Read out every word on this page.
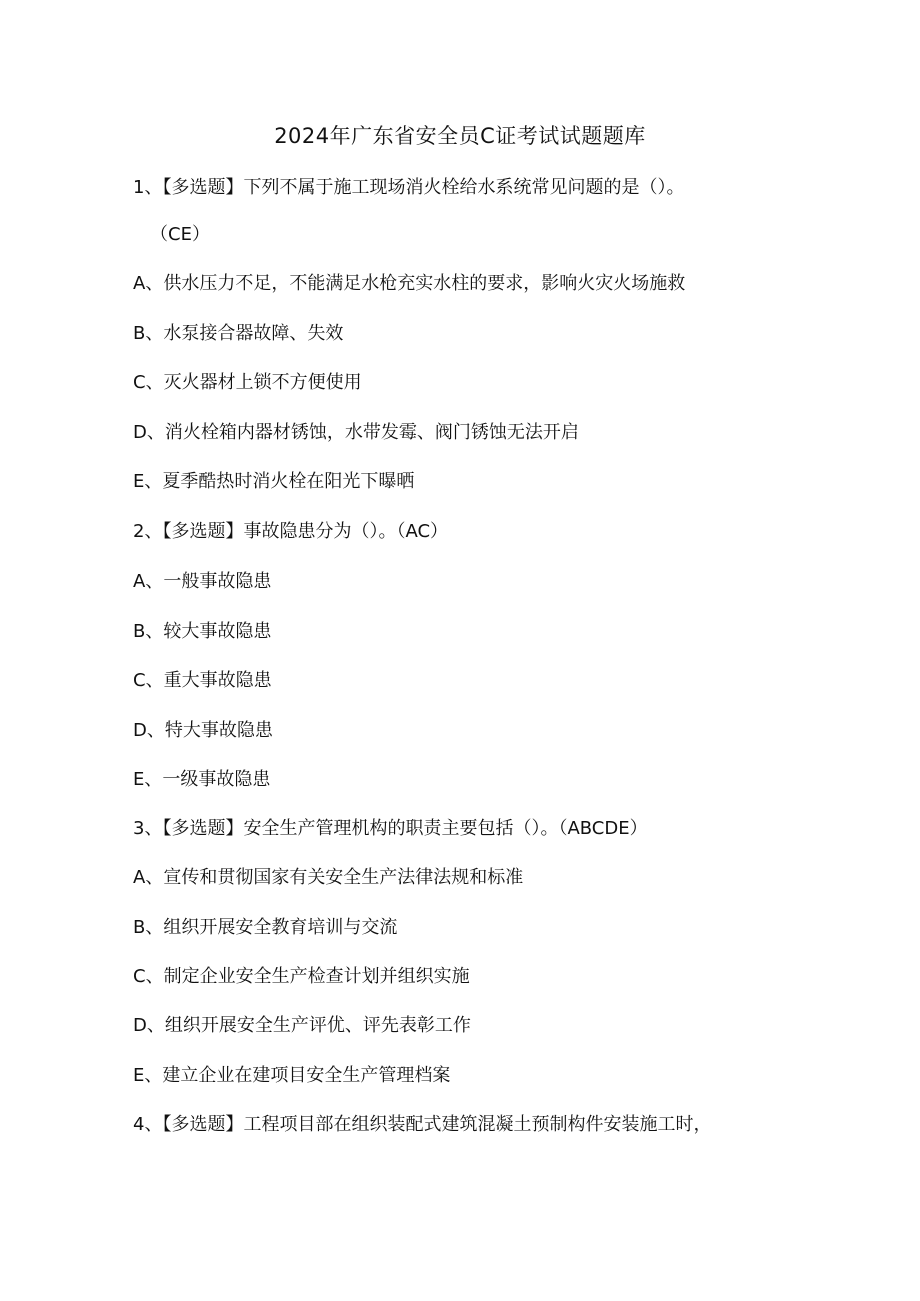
2024年广东省安全员C证考试试题题库
1、【多选题】下列不属于施工现场消火栓给水系统常见问题的是（）。
（CE）
A、供水压力不足，不能满足水枪充实水柱的要求，影响火灾火场施救
B、水泵接合器故障、失效
C、灭火器材上锁不方便使用
D、消火栓箱内器材锈蚀，水带发霉、阀门锈蚀无法开启
E、夏季酷热时消火栓在阳光下曝晒
2、【多选题】事故隐患分为（）。（AC）
A、一般事故隐患
B、较大事故隐患
C、重大事故隐患
D、特大事故隐患
E、一级事故隐患
3、【多选题】安全生产管理机构的职责主要包括（）。（ABCDE）
A、宣传和贯彻国家有关安全生产法律法规和标准
B、组织开展安全教育培训与交流
C、制定企业安全生产检查计划并组织实施
D、组织开展安全生产评优、评先表彰工作
E、建立企业在建项目安全生产管理档案
4、【多选题】工程项目部在组织装配式建筑混凝土预制构件安装施工时，
